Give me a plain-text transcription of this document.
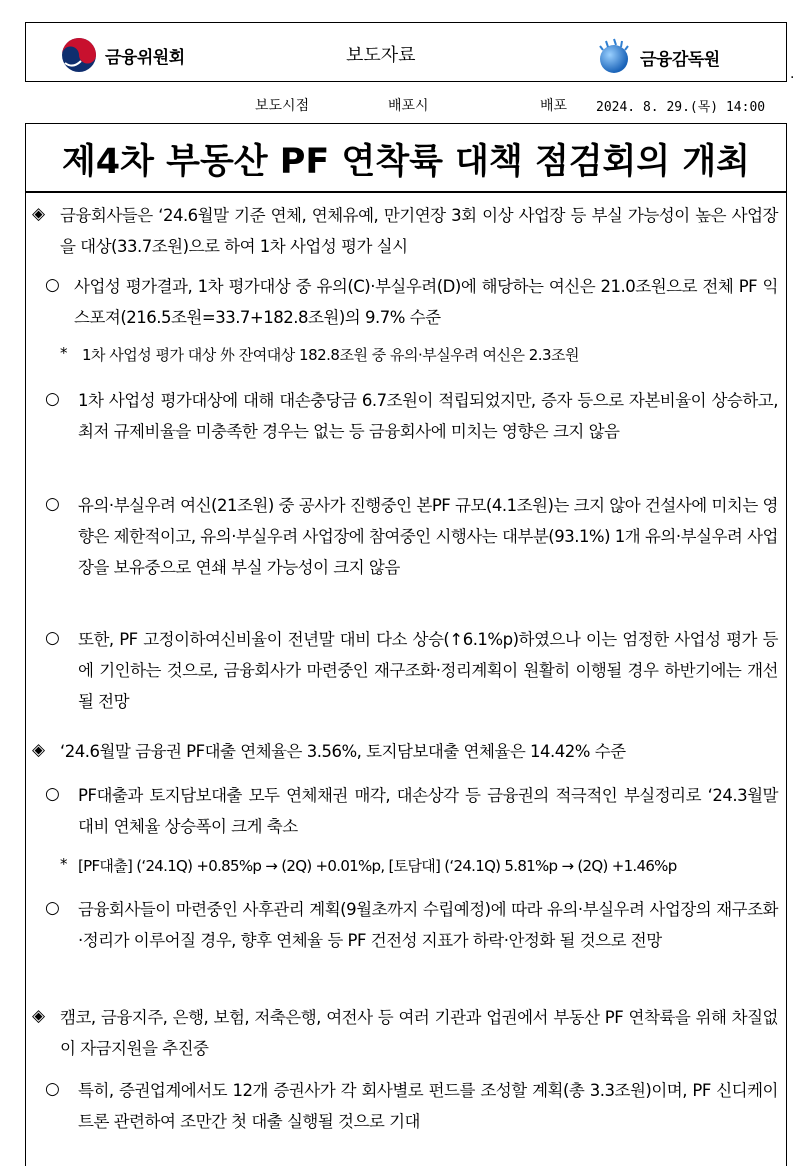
금융위원회	보도자료	금융감독원
.
보도시점	배포시	배포 2024. 8. 29.(목) 14:00
제4차 부동산 PF 연착륙 대책 점검회의 개최
◈ 금융회사들은 ‘24.6월말 기준 연체, 연체유예, 만기연장 3회 이상 사업장 등 부실 가능성이 높은 사업장을 대상(33.7조원)으로 하여 1차 사업성 평가 실시
○ 사업성 평가결과, 1차 평가대상 중 유의(C)·부실우려(D)에 해당하는 여신은 21.0조원으로 전체 PF 익스포져(216.5조원=33.7+182.8조원)의 9.7% 수준
* 1차 사업성 평가 대상 外 잔여대상 182.8조원 중 유의·부실우려 여신은 2.3조원
○ 1차 사업성 평가대상에 대해 대손충당금 6.7조원이 적립되었지만, 증자 등으로 자본비율이 상승하고, 최저 규제비율을 미충족한 경우는 없는 등 금융회사에 미치는 영향은 크지 않음
○ 유의·부실우려 여신(21조원) 중 공사가 진행중인 본PF 규모(4.1조원)는 크지 않아 건설사에 미치는 영향은 제한적이고, 유의·부실우려 사업장에 참여중인 시행사는 대부분(93.1%) 1개 유의·부실우려 사업장을 보유중으로 연쇄 부실 가능성이 크지 않음
○ 또한, PF 고정이하여신비율이 전년말 대비 다소 상승(↑6.1%p)하였으나 이는 엄정한 사업성 평가 등에 기인하는 것으로, 금융회사가 마련중인 재구조화·정리계획이 원활히 이행될 경우 하반기에는 개선될 전망
◈ ‘24.6월말 금융권 PF대출 연체율은 3.56%, 토지담보대출 연체율은 14.42% 수준
○ PF대출과 토지담보대출 모두 연체채권 매각, 대손상각 등 금융권의 적극적인 부실정리로 ‘24.3월말 대비 연체율 상승폭이 크게 축소
* [PF대출] (‘24.1Q) +0.85%p → (2Q) +0.01%p, [토담대] (‘24.1Q) 5.81%p → (2Q) +1.46%p
○ 금융회사들이 마련중인 사후관리 계획(9월초까지 수립예정)에 따라 유의·부실우려 사업장의 재구조화·정리가 이루어질 경우, 향후 연체율 등 PF 건전성 지표가 하락·안정화 될 것으로 전망
◈ 캠코, 금융지주, 은행, 보험, 저축은행, 여전사 등 여러 기관과 업권에서 부동산 PF 연착륙을 위해 차질없이 자금지원을 추진중
○ 특히, 증권업계에서도 12개 증권사가 각 회사별로 펀드를 조성할 계획(총 3.3조원)이며, PF 신디케이트론 관련하여 조만간 첫 대출 실행될 것으로 기대
